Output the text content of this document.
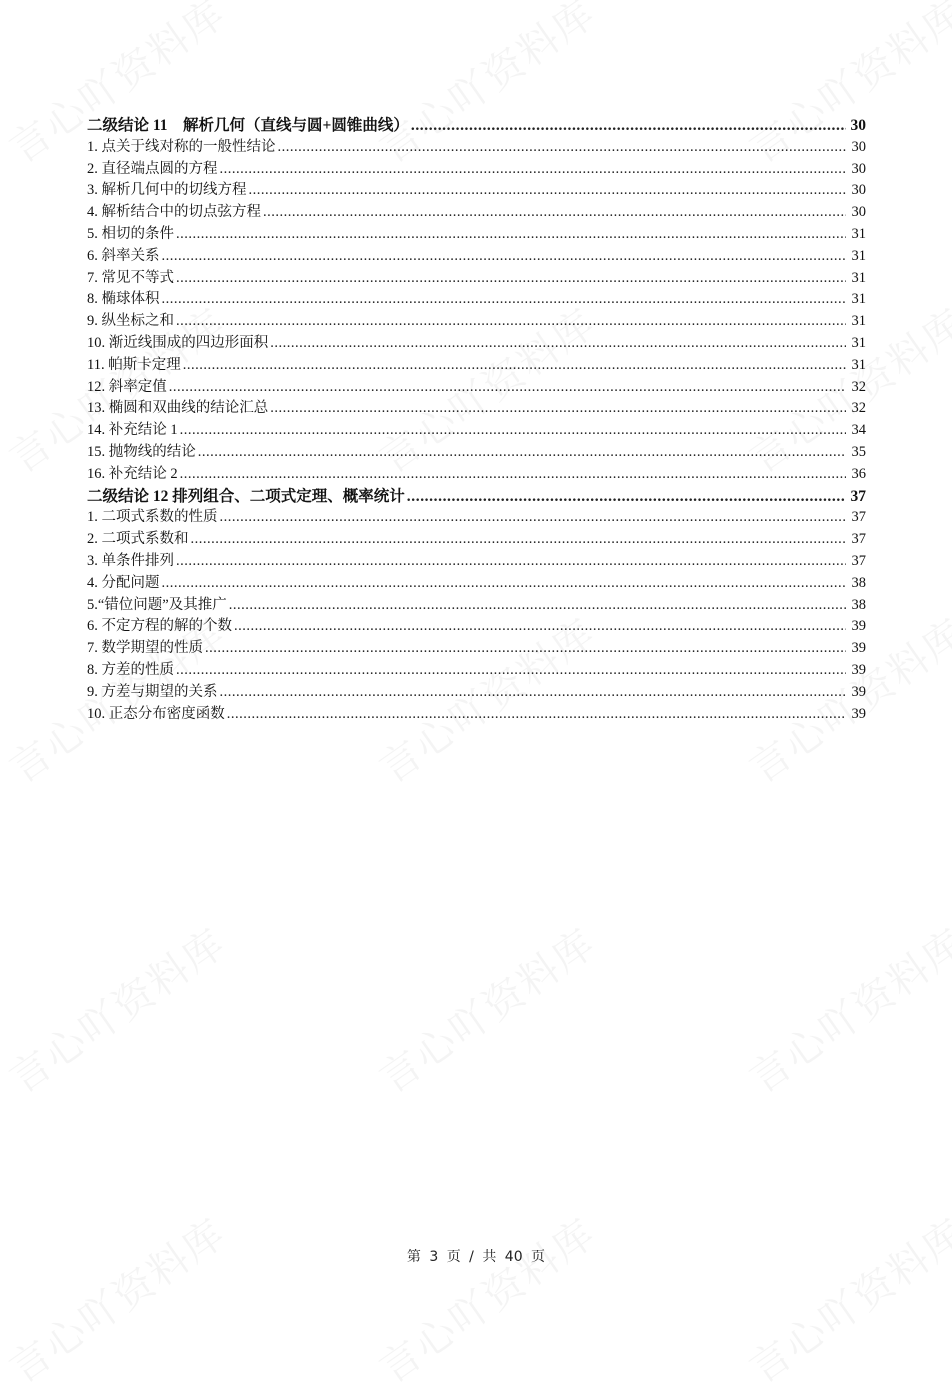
二级结论 11　解析几何（直线与圆+圆锥曲线） .....	30
1. 点关于线对称的一般性结论 .....	30
2. 直径端点圆的方程 .....	30
3. 解析几何中的切线方程 .....	30
4. 解析结合中的切点弦方程 .....	30
5. 相切的条件 .....	31
6. 斜率关系 .....	31
7. 常见不等式 .....	31
8. 椭球体积 .....	31
9. 纵坐标之和 .....	31
10. 渐近线围成的四边形面积 .....	31
11. 帕斯卡定理 .....	31
12. 斜率定值 .....	32
13. 椭圆和双曲线的结论汇总 .....	32
14. 补充结论 1 .....	34
15. 抛物线的结论 .....	35
16. 补充结论 2 .....	36
二级结论 12 排列组合、二项式定理、概率统计 .....	37
1. 二项式系数的性质 .....	37
2. 二项式系数和 .....	37
3. 单条件排列 .....	37
4. 分配问题 .....	38
5.“错位问题”及其推广 .....	38
6. 不定方程的解的个数 .....	39
7. 数学期望的性质 .....	39
8. 方差的性质 .....	39
9. 方差与期望的关系 .....	39
10. 正态分布密度函数 .....	39
第 3 页 / 共 40 页
